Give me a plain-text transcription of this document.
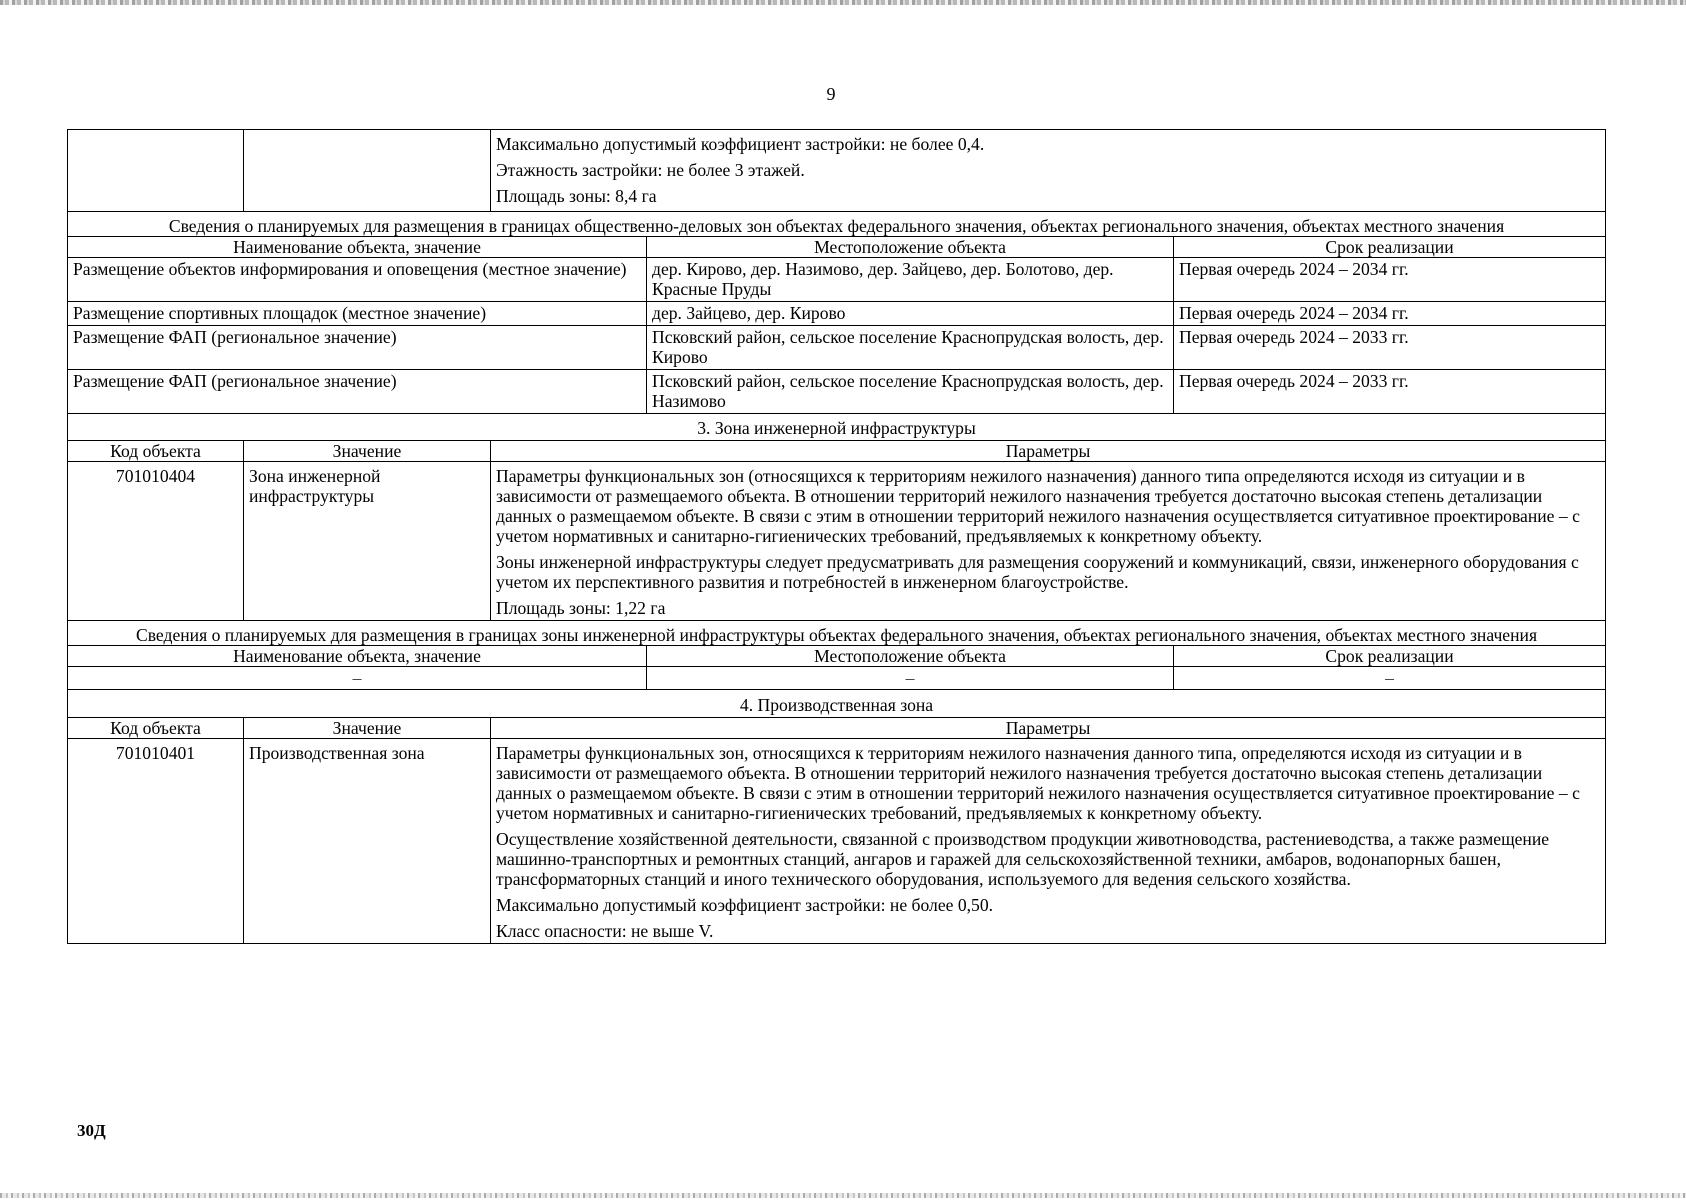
9

		Максимально допустимый коэффициент застройки: не более 0,4.
Этажность застройки: не более 3 этажей.
Площадь зоны: 8,4 га		

Сведения о планируемых для размещения в границах общественно-деловых зон объектах федерального значения, объектах регионального значения, объектах местного значения				
Наименование объекта, значение			Местоположение объекта	Срок реализации
Размещение объектов информирования и оповещения (местное значение)			дер. Кирово, дер. Назимово, дер. Зайцево, дер. Болотово, дер. Красные Пруды	Первая очередь 2024 – 2034 гг.
Размещение спортивных площадок (местное значение)			дер. Зайцево, дер. Кирово	Первая очередь 2024 – 2034 гг.
Размещение ФАП (региональное значение)			Псковский район, сельское поселение Краснопрудская волость, дер. Кирово	Первая очередь 2024 – 2033 гг.
Размещение ФАП (региональное значение)			Псковский район, сельское поселение Краснопрудская волость, дер. Назимово	Первая очередь 2024 – 2033 гг.
3. Зона инженерной инфраструктуры				
Код объекта	Значение	Параметры		
701010404	Зона инженерной инфраструктуры	Параметры функциональных зон (относящихся к территориям нежилого назначения) данного типа определяются исходя из ситуации и в зависимости от размещаемого объекта. В отношении территорий нежилого назначения требуется достаточно высокая степень детализации данных о размещаемом объекте. В связи с этим в отношении территорий нежилого назначения осуществляется ситуативное проектирование – с учетом нормативных и санитарно-гигиенических требований, предъявляемых к конкретному объекту.
Зоны инженерной инфраструктуры следует предусматривать для размещения сооружений и коммуникаций, связи, инженерного оборудования с учетом их перспективного развития и потребностей в инженерном благоустройстве.
Площадь зоны: 1,22 га		

Сведения о планируемых для размещения в границах зоны инженерной инфраструктуры объектах федерального значения, объектах регионального значения, объектах местного значения				
Наименование объекта, значение			Местоположение объекта	Срок реализации
–			–	–
4. Производственная зона				
Код объекта	Значение	Параметры		
701010401	Производственная зона	Параметры функциональных зон, относящихся к территориям нежилого назначения данного типа, определяются исходя из ситуации и в зависимости от размещаемого объекта. В отношении территорий нежилого назначения требуется достаточно высокая степень детализации данных о размещаемом объекте. В связи с этим в отношении территорий нежилого назначения осуществляется ситуативное проектирование – с учетом нормативных и санитарно-гигиенических требований, предъявляемых к конкретному объекту.
Осуществление хозяйственной деятельности, связанной с производством продукции животноводства, растениеводства, а также размещение машинно-транспортных и ремонтных станций, ангаров и гаражей для сельскохозяйственной техники, амбаров, водонапорных башен, трансформаторных станций и иного технического оборудования, используемого для ведения сельского хозяйства.
Максимально допустимый коэффициент застройки: не более 0,50.
Класс опасности: не выше V.		
30Д
